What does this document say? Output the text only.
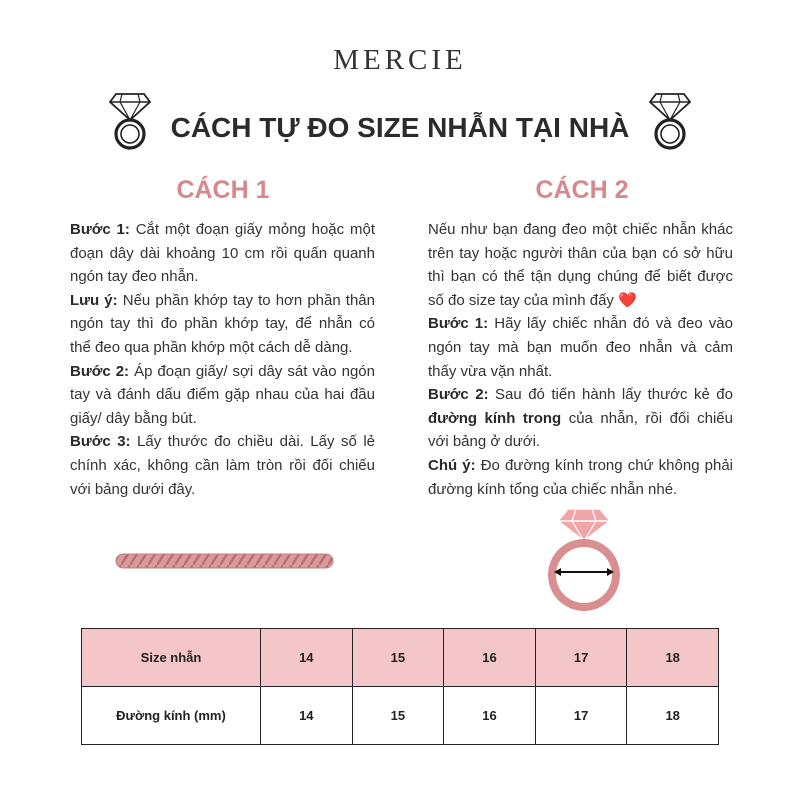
MERCIE
CÁCH TỰ ĐO SIZE NHẪN TẠI NHÀ
CÁCH 1	CÁCH 2

Bước 1: Cắt một đoạn giấy mỏng hoặc một đoạn dây dài khoảng 10 cm rồi quấn quanh ngón tay đeo nhẫn.

Lưu ý: Nếu phần khớp tay to hơn phần thân ngón tay thì đo phần khớp tay, để nhẫn có thể đeo qua phần khớp một cách dễ dàng.

Bước 2: Áp đoạn giấy/ sợi dây sát vào ngón tay và đánh dấu điểm gặp nhau của hai đầu giấy/ dây bằng bút.

Bước 3: Lấy thước đo chiều dài. Lấy số lẻ chính xác, không cần làm tròn rồi đối chiếu với bảng dưới đây.

Nếu như bạn đang đeo một chiếc nhẫn khác trên tay hoặc người thân của bạn có sở hữu thì bạn có thể tận dụng chúng để biết được số đo size tay của mình đấy ❤️

Bước 1: Hãy lấy chiếc nhẫn đó và đeo vào ngón tay mà bạn muốn đeo nhẫn và cảm thấy vừa vặn nhất.

Bước 2: Sau đó tiến hành lấy thước kẻ đo đường kính trong của nhẫn, rồi đối chiếu với bảng ở dưới.

Chú ý: Đo đường kính trong chứ không phải đường kính tổng của chiếc nhẫn nhé.

Size nhẫn	14	15	16	17	18
Đường kính (mm)	14	15	16	17	18
